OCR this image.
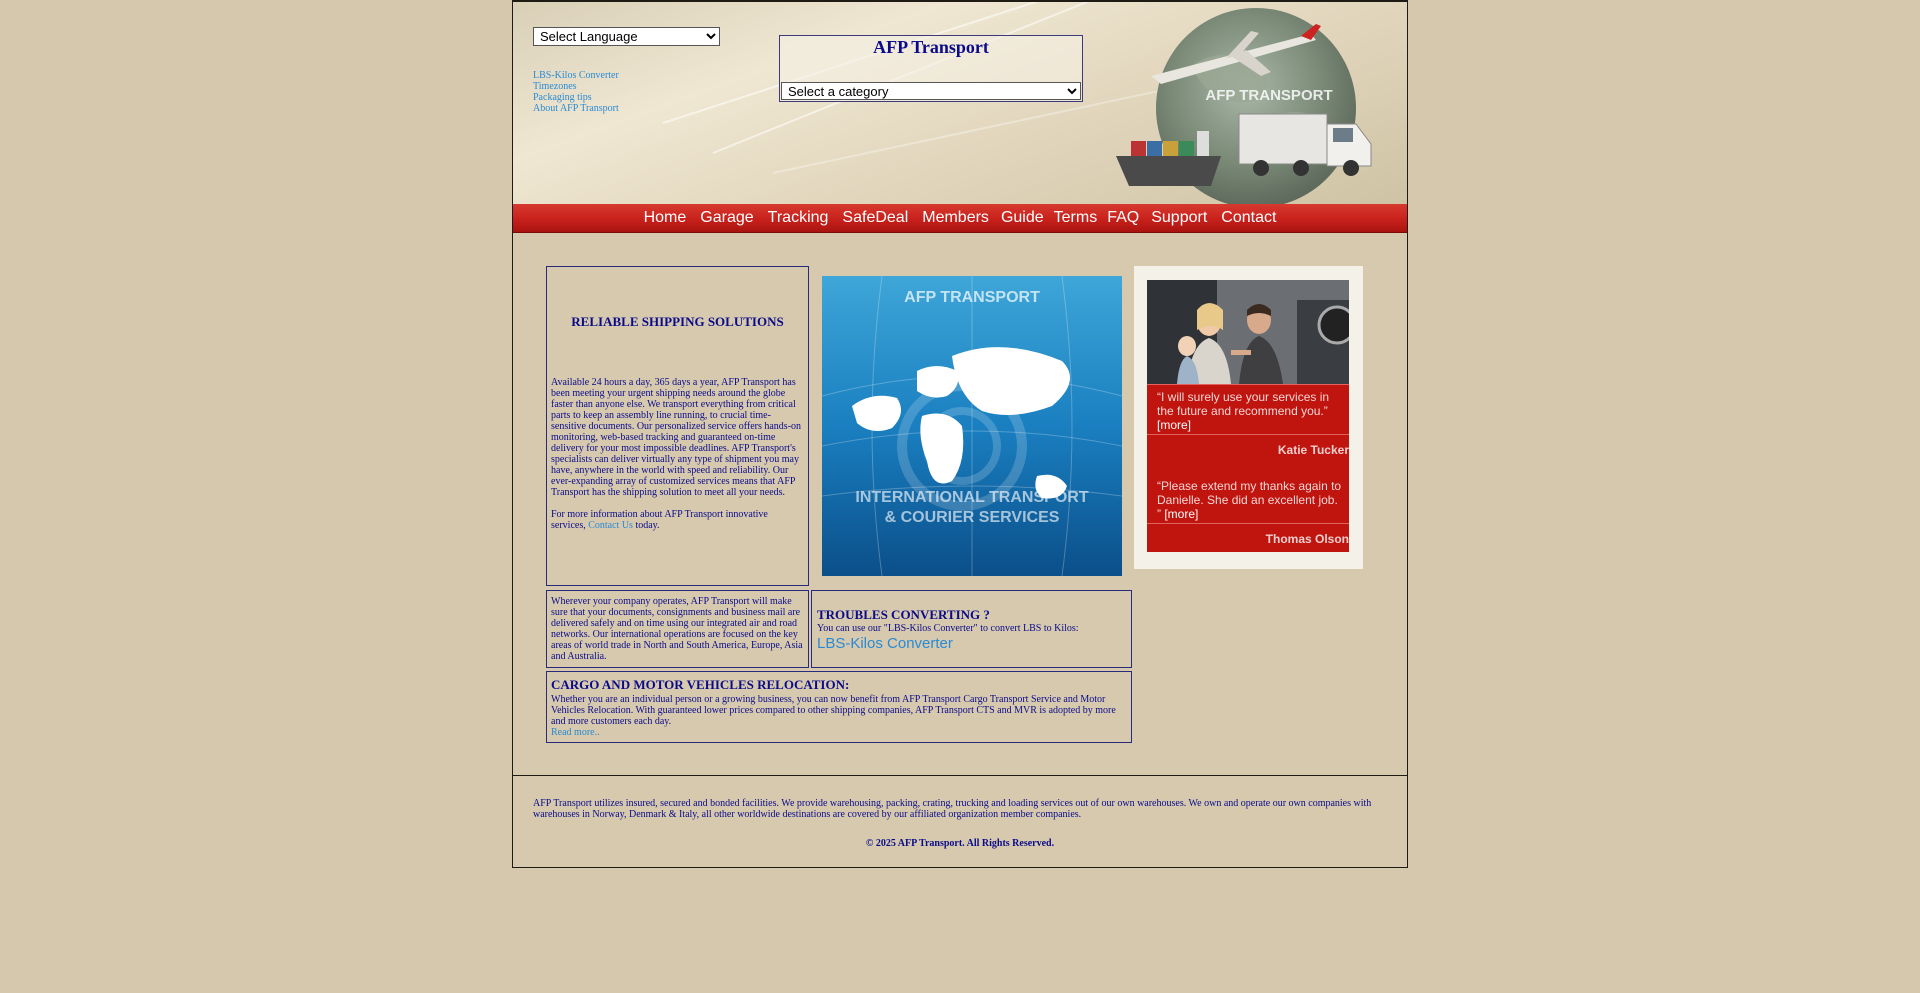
Select Language
LBS-Kilos Converter
Timezones
Packaging tips
About AFP Transport
AFP Transport
Select a category
AFP TRANSPORT
Home Garage Tracking SafeDeal Members Guide Terms FAQ Support Contact
RELIABLE SHIPPING SOLUTIONS

Available 24 hours a day, 365 days a year, AFP Transport has been meeting your urgent shipping needs around the globe faster than anyone else. We transport everything from critical parts to keep an assembly line running, to crucial time-sensitive documents. Our personalized service offers hands-on monitoring, web-based tracking and guaranteed on-time delivery for your most impossible deadlines. AFP Transport's specialists can deliver virtually any type of shipment you may have, anywhere in the world with speed and reliability. Our ever-expanding array of customized services means that AFP Transport has the shipping solution to meet all your needs.

For more information about AFP Transport innovative services, Contact Us today.

AFP TRANSPORT
INTERNATIONAL TRANSPORT & COURIER SERVICES
“I will surely use your services in the future and recommend you.” [more]
Katie Tucker
“Please extend my thanks again to Danielle. She did an excellent job. ” [more]
Thomas Olson

Wherever your company operates, AFP Transport will make sure that your documents, consignments and business mail are delivered safely and on time using our integrated air and road networks. Our international operations are focused on the key areas of world trade in North and South America, Europe, Asia and Australia.

TROUBLES CONVERTING ?

You can use our "LBS-Kilos Converter" to convert LBS to Kilos:

LBS-Kilos Converter
CARGO AND MOTOR VEHICLES RELOCATION:

Whether you are an individual person or a growing business, you can now benefit from AFP Transport Cargo Transport Service and Motor Vehicles Relocation. With guaranteed lower prices compared to other shipping companies, AFP Transport CTS and MVR is adopted by more and more customers each day.

Read more..

AFP Transport utilizes insured, secured and bonded facilities. We provide warehousing, packing, crating, trucking and loading services out of our own warehouses. We own and operate our own companies with warehouses in Norway, Denmark & Italy, all other worldwide destinations are covered by our affiliated organization member companies.

© 2025 AFP Transport. All Rights Reserved.
